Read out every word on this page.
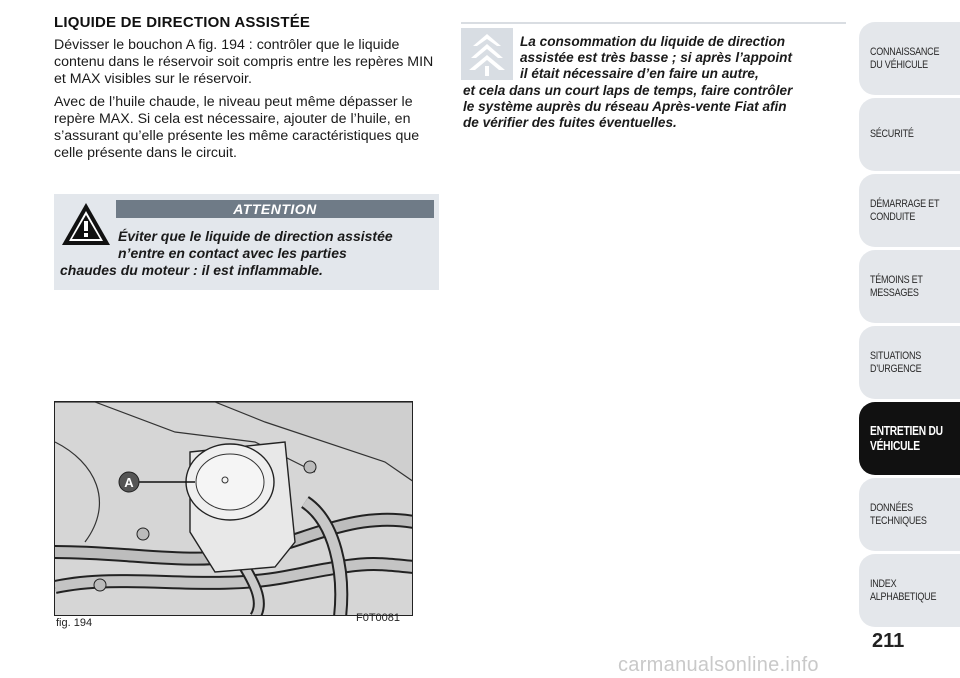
LIQUIDE DE DIRECTION ASSISTÉE

Dévisser le bouchon A fig. 194 : contrôler que le liquide contenu dans le réservoir soit compris entre les repères MIN et MAX visibles sur le réservoir.

Avec de l’huile chaude, le niveau peut même dépasser le repère MAX. Si cela est nécessaire, ajouter de l’huile, en s’assurant qu’elle présente les même caractéristiques que celle présente dans le circuit.

ATTENTION
Éviter que le liquide de direction assistée
n’entre en contact avec les parties
chaudes du moteur : il est inflammable.
A
fig. 194	F0T0081
La consommation du liquide de direction
assistée est très basse ; si après l’appoint
il était nécessaire d’en faire un autre,
et cela dans un court laps de temps, faire contrôler
le système auprès du réseau Après-vente Fiat afin
de vérifier des fuites éventuelles.
CONNAISSANCE
DU VÉHICULE
SÉCURITÉ
DÉMARRAGE ET
CONDUITE
TÉMOINS ET
MESSAGES
SITUATIONS
D’URGENCE
ENTRETIEN DU
VÉHICULE
DONNÉES
TECHNIQUES
INDEX
ALPHABETIQUE
211
carmanualsonline.info
